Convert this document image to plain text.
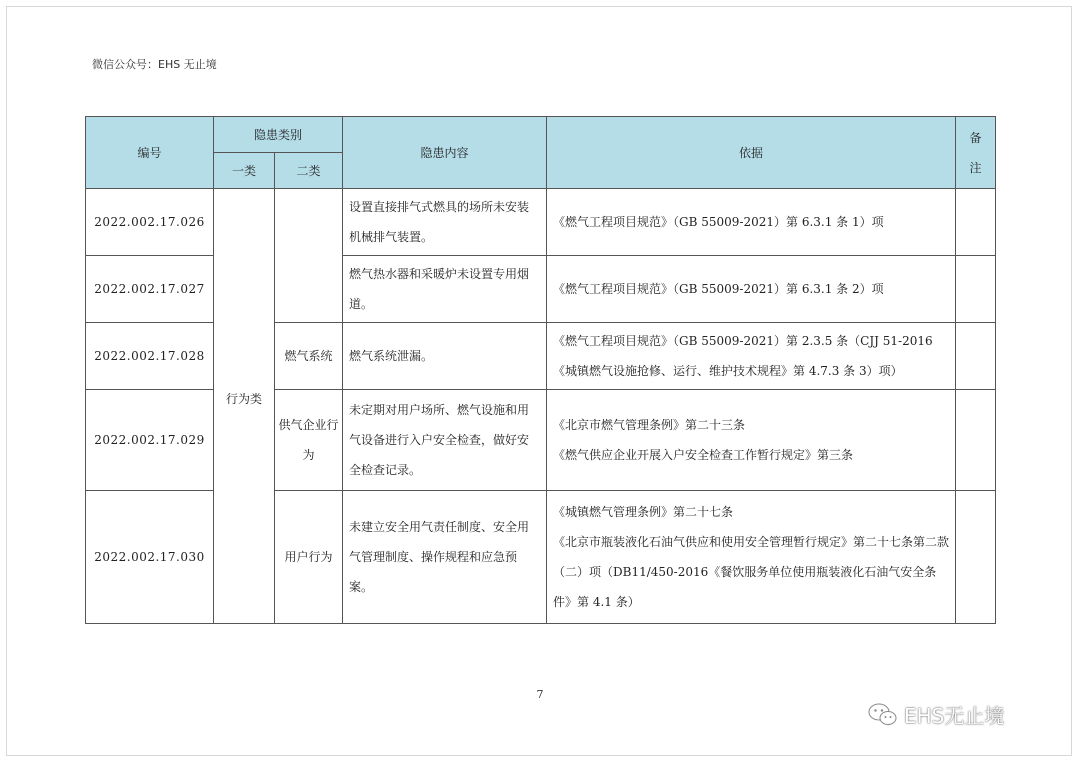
微信公众号：EHS 无止境
编号	隐患类别		隐患内容	依据	备
注

	一类	二类			
2022.002.17.026	行为类		设置直接排气式燃具的场所未安装机械排气装置。	《燃气工程项目规范》（GB 55009-2021）第 6.3.1 条 1）项	

2022.002.17.027			燃气热水器和采暖炉未设置专用烟道。	《燃气工程项目规范》（GB 55009-2021）第 6.3.1 条 2）项	

2022.002.17.028		燃气系统	燃气系统泄漏。	《燃气工程项目规范》（GB 55009-2021）第 2.3.5 条（CJJ 51-2016《城镇燃气设施抢修、运行、维护技术规程》第 4.7.3 条 3）项）	

2022.002.17.029		供气企业行为	未定期对用户场所、燃气设施和用气设备进行入户安全检查，做好安全检查记录。	《北京市燃气管理条例》第二十三条
《燃气供应企业开展入户安全检查工作暂行规定》第三条	

2022.002.17.030		用户行为	未建立安全用气责任制度、安全用气管理制度、操作规程和应急预案。	《城镇燃气管理条例》第二十七条
《北京市瓶装液化石油气供应和使用安全管理暂行规定》第二十七条第二款（二）项（DB11/450-2016《餐饮服务单位使用瓶装液化石油气安全条件》第 4.1 条）	

7
EHS无止境
